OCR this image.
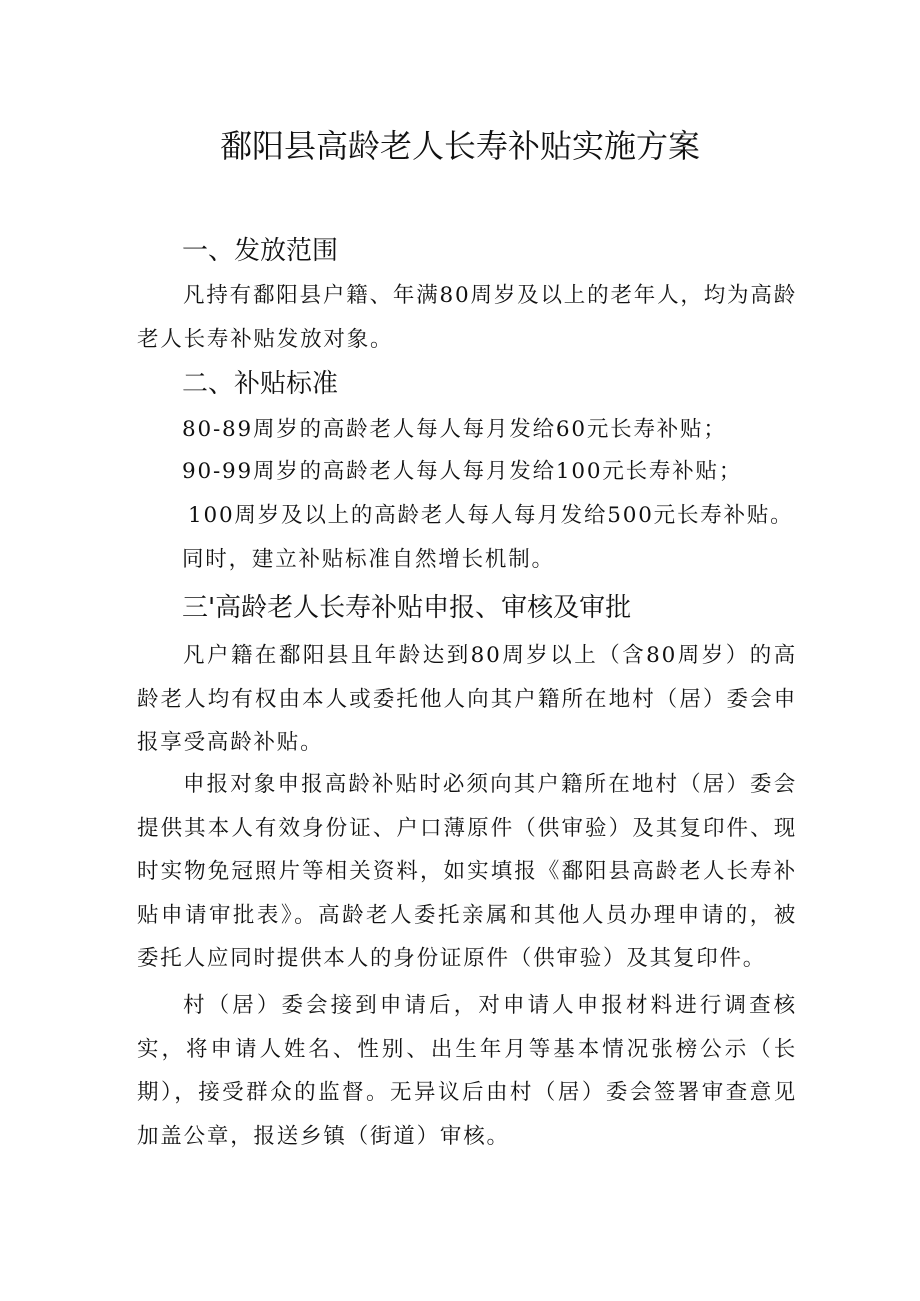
鄱阳县高龄老人长寿补贴实施方案
一、发放范围

凡持有鄱阳县户籍、年满80周岁及以上的老年人，均为高龄老人长寿补贴发放对象。

二、补贴标准

80-89周岁的高龄老人每人每月发给60元长寿补贴；

90-99周岁的高龄老人每人每月发给100元长寿补贴；

100周岁及以上的高龄老人每人每月发给500元长寿补贴。

同时，建立补贴标准自然增长机制。

三'高龄老人长寿补贴申报、审核及审批

凡户籍在鄱阳县且年龄达到80周岁以上（含80周岁）的高龄老人均有权由本人或委托他人向其户籍所在地村（居）委会申报享受高龄补贴。

申报对象申报高龄补贴时必须向其户籍所在地村（居）委会提供其本人有效身份证、户口薄原件（供审验）及其复印件、现时实物免冠照片等相关资料，如实填报《鄱阳县高龄老人长寿补贴申请审批表》。高龄老人委托亲属和其他人员办理申请的，被委托人应同时提供本人的身份证原件（供审验）及其复印件。

村（居）委会接到申请后，对申请人申报材料进行调查核实，将申请人姓名、性别、出生年月等基本情况张榜公示（长期），接受群众的监督。无异议后由村（居）委会签署审查意见加盖公章，报送乡镇（街道）审核。
